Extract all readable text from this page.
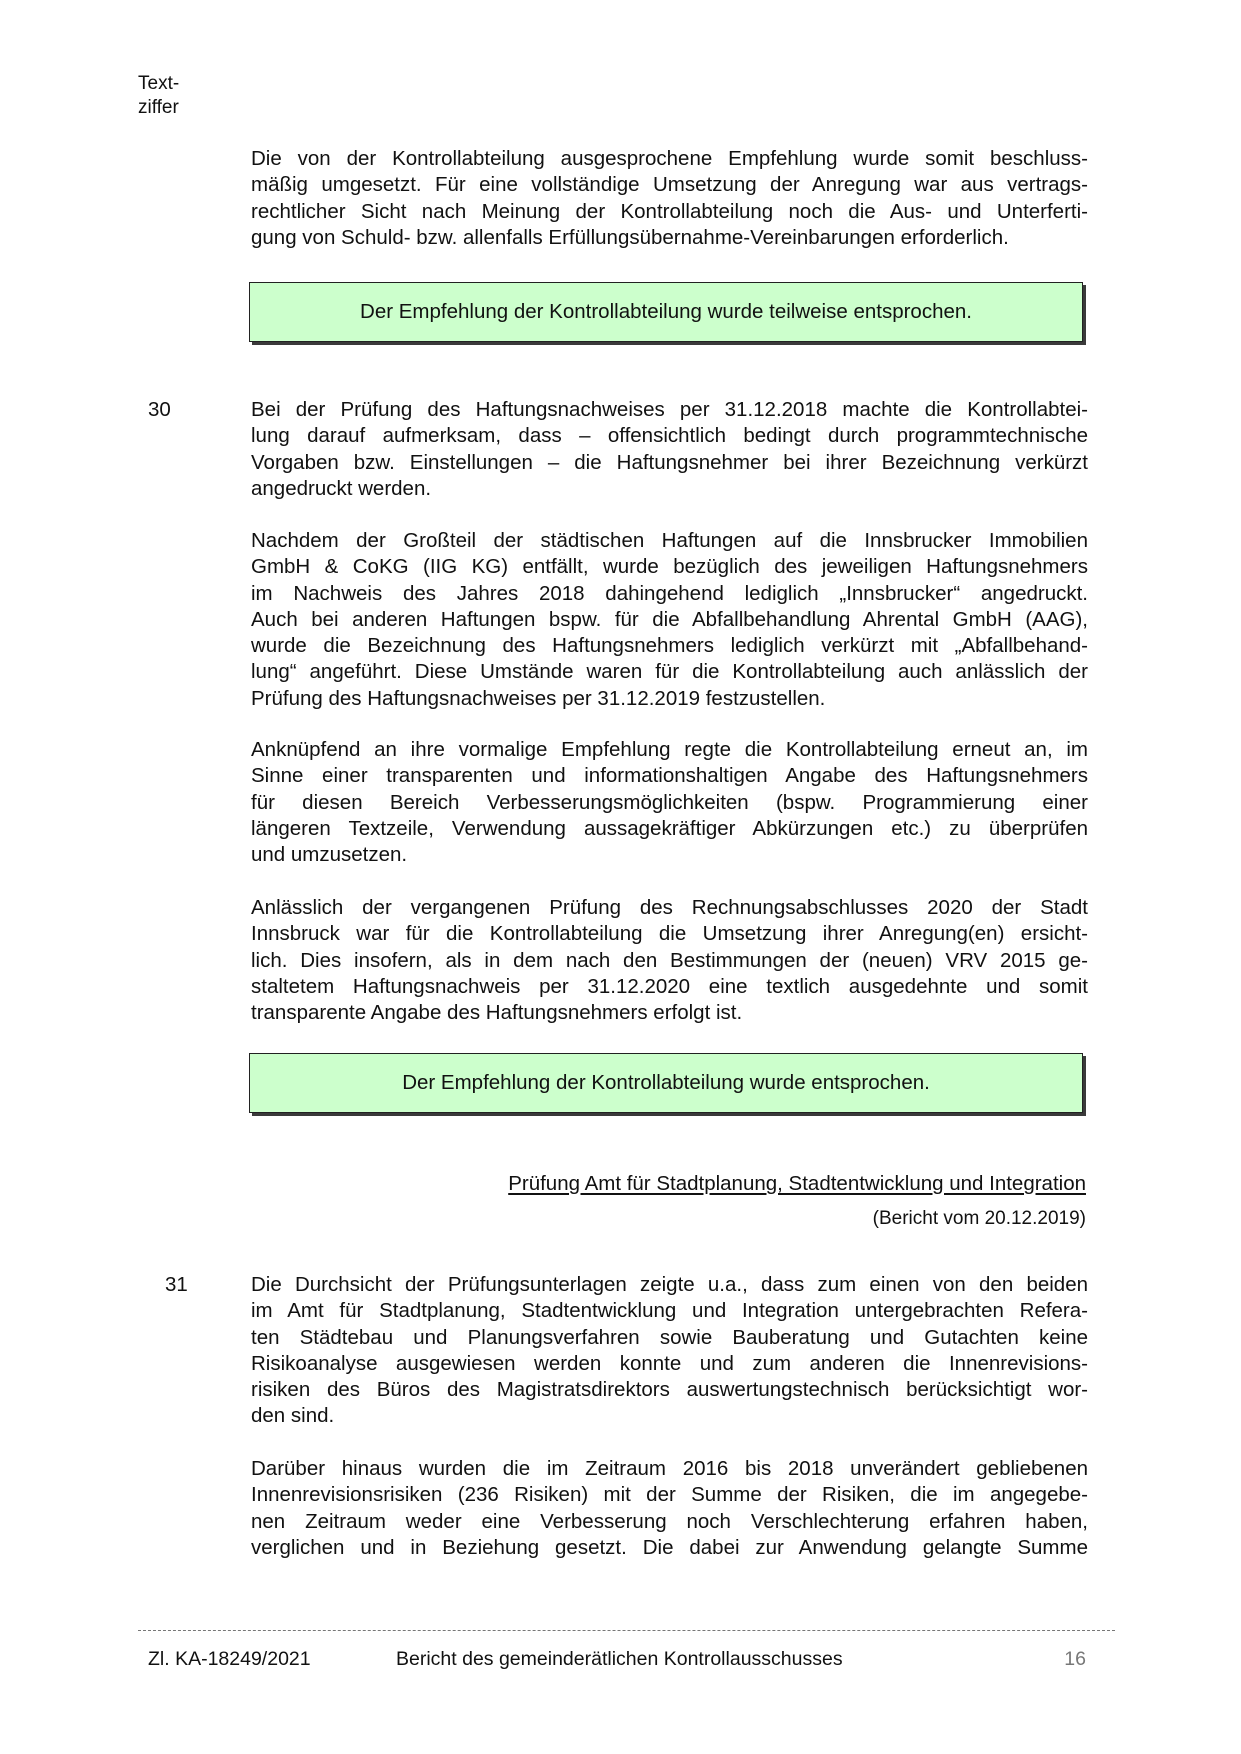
Text-
ziffer
Die von der Kontrollabteilung ausgesprochene Empfehlung wurde somit beschluss-
mäßig umgesetzt. Für eine vollständige Umsetzung der Anregung war aus vertrags-
rechtlicher Sicht nach Meinung der Kontrollabteilung noch die Aus- und Unterferti-
gung von Schuld- bzw. allenfalls Erfüllungsübernahme-Vereinbarungen erforderlich.
Der Empfehlung der Kontrollabteilung wurde teilweise entsprochen.
30	Bei der Prüfung des Haftungsnachweises per 31.12.2018 machte die Kontrollabtei-
lung darauf aufmerksam, dass – offensichtlich bedingt durch programmtechnische
Vorgaben bzw. Einstellungen – die Haftungsnehmer bei ihrer Bezeichnung verkürzt
angedruckt werden.
Nachdem der Großteil der städtischen Haftungen auf die Innsbrucker Immobilien
GmbH & CoKG (IIG KG) entfällt, wurde bezüglich des jeweiligen Haftungsnehmers
im Nachweis des Jahres 2018 dahingehend lediglich „Innsbrucker“ angedruckt.
Auch bei anderen Haftungen bspw. für die Abfallbehandlung Ahrental GmbH (AAG),
wurde die Bezeichnung des Haftungsnehmers lediglich verkürzt mit „Abfallbehand-
lung“ angeführt. Diese Umstände waren für die Kontrollabteilung auch anlässlich der
Prüfung des Haftungsnachweises per 31.12.2019 festzustellen.
Anknüpfend an ihre vormalige Empfehlung regte die Kontrollabteilung erneut an, im
Sinne einer transparenten und informationshaltigen Angabe des Haftungsnehmers
für diesen Bereich Verbesserungsmöglichkeiten (bspw. Programmierung einer
längeren Textzeile, Verwendung aussagekräftiger Abkürzungen etc.) zu überprüfen
und umzusetzen.
Anlässlich der vergangenen Prüfung des Rechnungsabschlusses 2020 der Stadt
Innsbruck war für die Kontrollabteilung die Umsetzung ihrer Anregung(en) ersicht-
lich. Dies insofern, als in dem nach den Bestimmungen der (neuen) VRV 2015 ge-
staltetem Haftungsnachweis per 31.12.2020 eine textlich ausgedehnte und somit
transparente Angabe des Haftungsnehmers erfolgt ist.
Der Empfehlung der Kontrollabteilung wurde entsprochen.
Prüfung Amt für Stadtplanung, Stadtentwicklung und Integration
(Bericht vom 20.12.2019)
31	Die Durchsicht der Prüfungsunterlagen zeigte u.a., dass zum einen von den beiden
im Amt für Stadtplanung, Stadtentwicklung und Integration untergebrachten Refera-
ten Städtebau und Planungsverfahren sowie Bauberatung und Gutachten keine
Risikoanalyse ausgewiesen werden konnte und zum anderen die Innenrevisions-
risiken des Büros des Magistratsdirektors auswertungstechnisch berücksichtigt wor-
den sind.
Darüber hinaus wurden die im Zeitraum 2016 bis 2018 unverändert gebliebenen
Innenrevisionsrisiken (236 Risiken) mit der Summe der Risiken, die im angegebe-
nen Zeitraum weder eine Verbesserung noch Verschlechterung erfahren haben,
verglichen und in Beziehung gesetzt. Die dabei zur Anwendung gelangte Summe
Zl. KA-18249/2021	Bericht des gemeinderätlichen Kontrollausschusses	16
